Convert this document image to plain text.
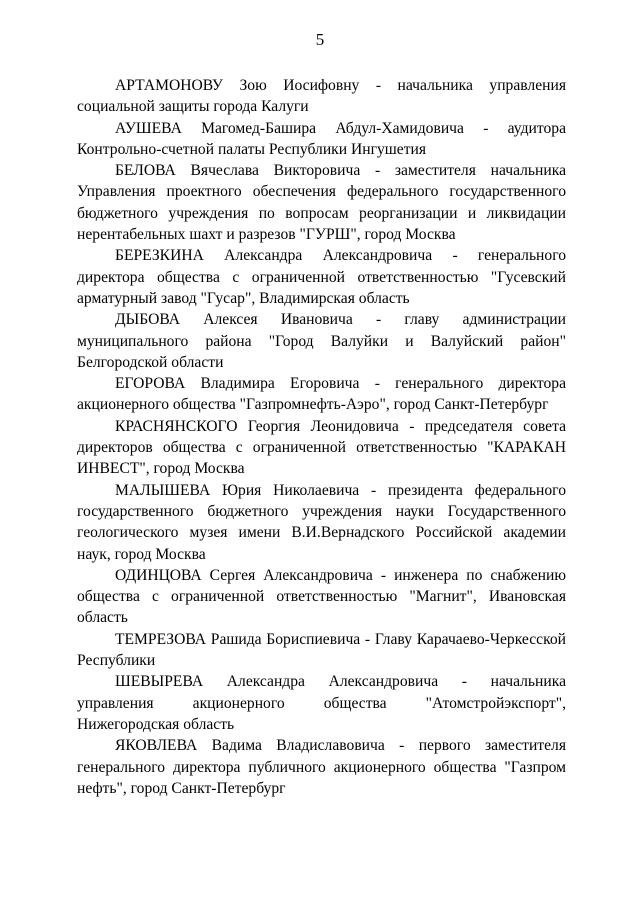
5

АРТАМОНОВУ Зою Иосифовну - начальника управления социальной защиты города Калуги

АУШЕВА Магомед-Башира Абдул-Хамидовича - аудитора Контрольно-счетной палаты Республики Ингушетия

БЕЛОВА Вячеслава Викторовича - заместителя начальника Управления проектного обеспечения федерального государственного бюджетного учреждения по вопросам реорганизации и ликвидации нерентабельных шахт и разрезов "ГУРШ", город Москва

БЕРЕЗКИНА Александра Александровича - генерального директора общества с ограниченной ответственностью "Гусевский арматурный завод "Гусар", Владимирская область

ДЫБОВА Алексея Ивановича - главу администрации муниципального района "Город Валуйки и Валуйский район" Белгородской области

ЕГОРОВА Владимира Егоровича - генерального директора акционерного общества "Газпромнефть-Аэро", город Санкт-Петербург

КРАСНЯНСКОГО Георгия Леонидовича - председателя совета директоров общества с ограниченной ответственностью "КАРАКАН ИНВЕСТ", город Москва

МАЛЫШЕВА Юрия Николаевича - президента федерального государственного бюджетного учреждения науки Государственного геологического музея имени В.И.Вернадского Российской академии наук, город Москва

ОДИНЦОВА Сергея Александровича - инженера по снабжению общества с ограниченной ответственностью "Магнит", Ивановская область

ТЕМРЕЗОВА Рашида Бориспиевича - Главу Карачаево-Черкесской Республики

ШЕВЫРЕВА Александра Александровича - начальника управления акционерного общества "Атомстройэкспорт", Нижегородская область

ЯКОВЛЕВА Вадима Владиславовича - первого заместителя генерального директора публичного акционерного общества "Газпром нефть", город Санкт-Петербург
